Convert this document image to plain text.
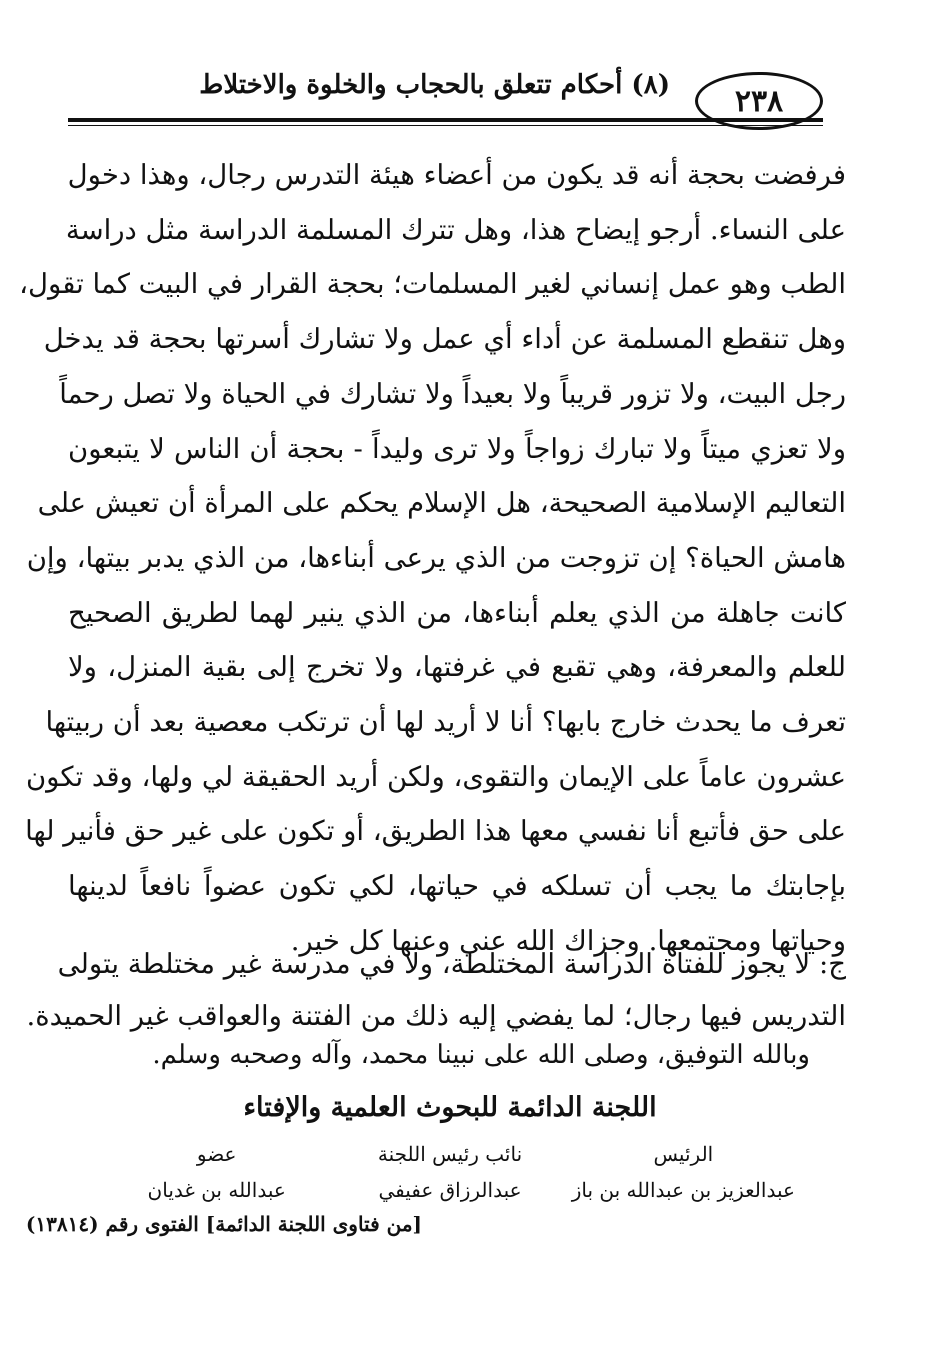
٢٣٨
(٨) أحكام تتعلق بالحجاب والخلوة والاختلاط
فرفضت بحجة أنه قد يكون من أعضاء هيئة التدرس رجال، وهذا دخول
على النساء. أرجو إيضاح هذا، وهل تترك المسلمة الدراسة مثل دراسة
الطب وهو عمل إنساني لغير المسلمات؛ بحجة القرار في البيت كما تقول،
وهل تنقطع المسلمة عن أداء أي عمل ولا تشارك أسرتها بحجة قد يدخل
رجل البيت، ولا تزور قريباً ولا بعيداً ولا تشارك في الحياة ولا تصل رحماً
ولا تعزي ميتاً ولا تبارك زواجاً ولا ترى وليداً - بحجة أن الناس لا يتبعون
التعاليم الإسلامية الصحيحة، هل الإسلام يحكم على المرأة أن تعيش على
هامش الحياة؟ إن تزوجت من الذي يرعى أبناءها، من الذي يدبر بيتها، وإن
كانت جاهلة من الذي يعلم أبناءها، من الذي ينير لهما لطريق الصحيح
للعلم والمعرفة، وهي تقبع في غرفتها، ولا تخرج إلى بقية المنزل، ولا
تعرف ما يحدث خارج بابها؟ أنا لا أريد لها أن ترتكب معصية بعد أن ربيتها
عشرون عاماً على الإيمان والتقوى، ولكن أريد الحقيقة لي ولها، وقد تكون
على حق فأتبع أنا نفسي معها هذا الطريق، أو تكون على غير حق فأنير لها
بإجابتك ما يجب أن تسلكه في حياتها، لكي تكون عضواً نافعاً لدينها
وحياتها ومجتمعها. وجزاك الله عني وعنها كل خير.
ج: لا يجوز للفتاة الدراسة المختلطة، ولا في مدرسة غير مختلطة يتولى
التدريس فيها رجال؛ لما يفضي إليه ذلك من الفتنة والعواقب غير الحميدة.
وبالله التوفيق، وصلى الله على نبينا محمد، وآله وصحبه وسلم.
اللجنة الدائمة للبحوث العلمية والإفتاء
الرئيس
نائب رئيس اللجنة
عضو
عبدالعزيز بن عبدالله بن باز
عبدالرزاق عفيفي
عبدالله بن غديان
[من فتاوى اللجنة الدائمة] الفتوى رقم (١٣٨١٤)
